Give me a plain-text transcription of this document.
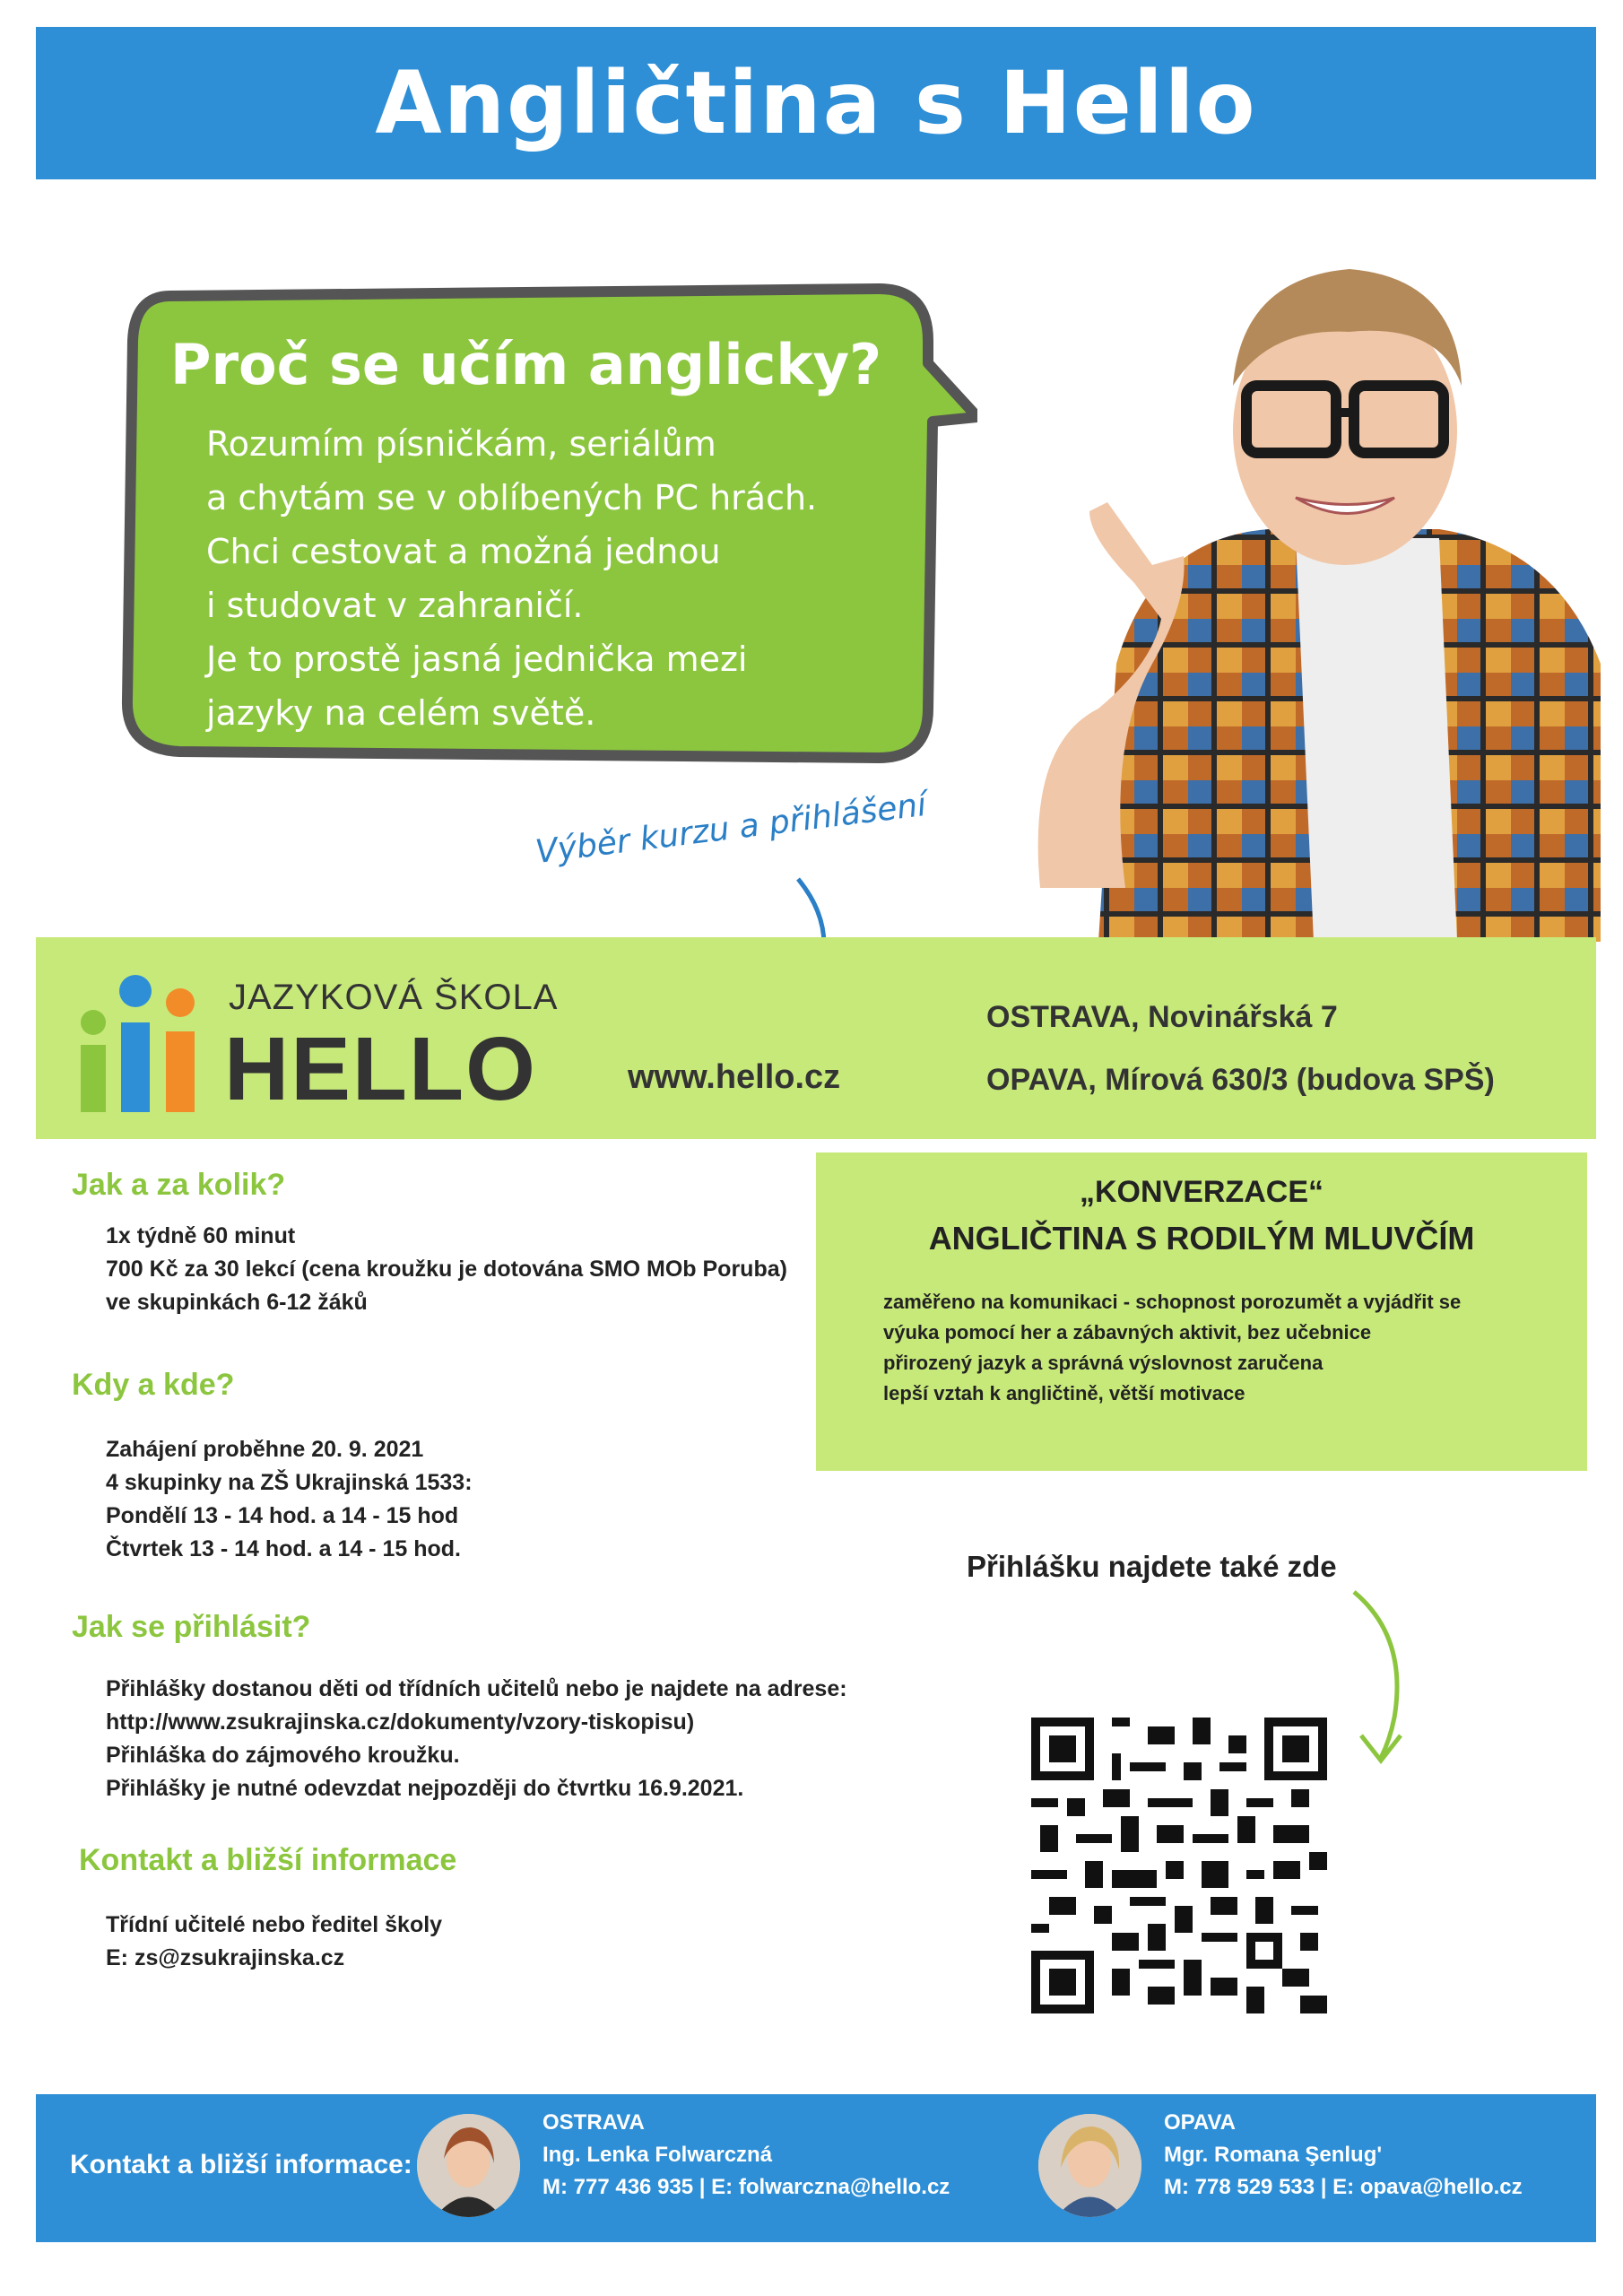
Angličtina s Hello
Proč se učím anglicky?
Rozumím písničkám, seriálům
a chytám se v oblíbených PC hrách.
Chci cestovat a možná jednou
i studovat v zahraničí.
Je to prostě jasná jednička mezi
jazyky na celém světě.
Výběr kurzu a přihlášení
JAZYKOVÁ ŠKOLA
HELLO	www.hello.cz
OSTRAVA, Novinářská 7
OPAVA, Mírová 630/3 (budova SPŠ)
Jak a za kolik?
1x týdně 60 minut
700 Kč za 30 lekcí (cena kroužku je dotována SMO MOb Poruba)
ve skupinkách 6-12 žáků
Kdy a kde?
Zahájení proběhne 20. 9. 2021
4 skupinky na ZŠ Ukrajinská 1533:
Pondělí 13 - 14 hod. a 14 - 15 hod
Čtvrtek 13 - 14 hod. a 14 - 15 hod.
Jak se přihlásit?
Přihlášky dostanou děti od třídních učitelů nebo je najdete na adrese:
http://www.zsukrajinska.cz/dokumenty/vzory-tiskopisu)
Přihláška do zájmového kroužku.
Přihlášky je nutné odevzdat nejpozději do čtvrtku 16.9.2021.
Kontakt a bližší informace
Třídní učitelé nebo ředitel školy
E: zs@zsukrajinska.cz
„KONVERZACE“
ANGLIČTINA S RODILÝM MLUVČÍM
zaměřeno na komunikaci - schopnost porozumět a vyjádřit se
výuka pomocí her a zábavných aktivit, bez učebnice
přirozený jazyk a správná výslovnost zaručena
lepší vztah k angličtině, větší motivace
Přihlášku najdete také zde
Kontakt a bližší informace:
OSTRAVA
Ing. Lenka Folwarczná
M: 777 436 935 | E: folwarczna@hello.cz
OPAVA
Mgr. Romana Şenlug'
M: 778 529 533 | E: opava@hello.cz
